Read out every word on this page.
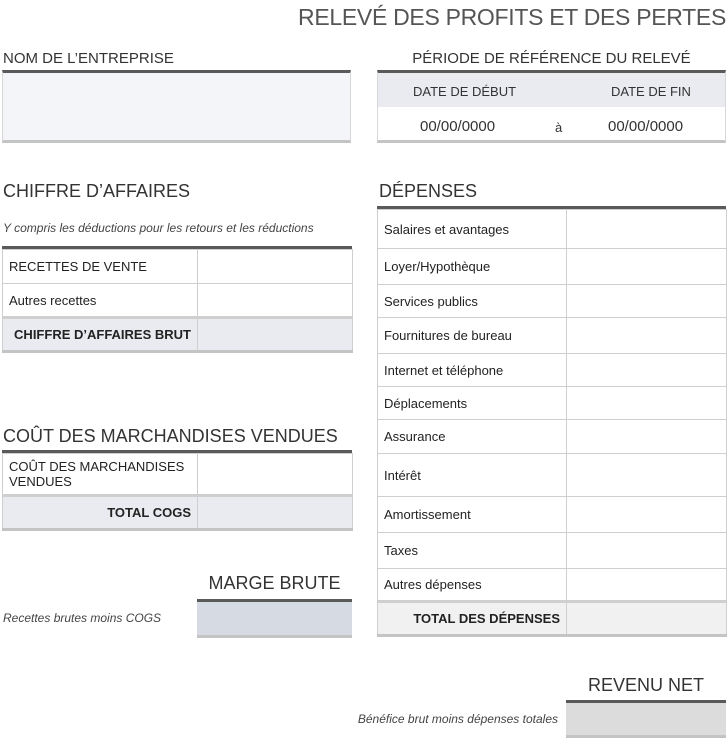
RELEVÉ DES PROFITS ET DES PERTES
NOM DE L’ENTREPRISE	PÉRIODE DE RÉFÉRENCE DU RELEVÉ
DATE DE DÉBUT	DATE DE FIN
00/00/0000	à	00/00/0000
CHIFFRE D’AFFAIRES
Y compris les déductions pour les retours et les réductions
RECETTES DE VENTE	
Autres recettes	
CHIFFRE D’AFFAIRES BRUT	
COÛT DES MARCHANDISES VENDUES
COÛT DES MARCHANDISES VENDUES	
TOTAL COGS	
MARGE BRUTE
Recettes brutes moins COGS
DÉPENSES
Salaires et avantages	
Loyer/Hypothèque	
Services publics	
Fournitures de bureau	
Internet et téléphone	
Déplacements	
Assurance	
Intérêt	
Amortissement	
Taxes	
Autres dépenses	
TOTAL DES DÉPENSES	
REVENU NET
Bénéfice brut moins dépenses totales
